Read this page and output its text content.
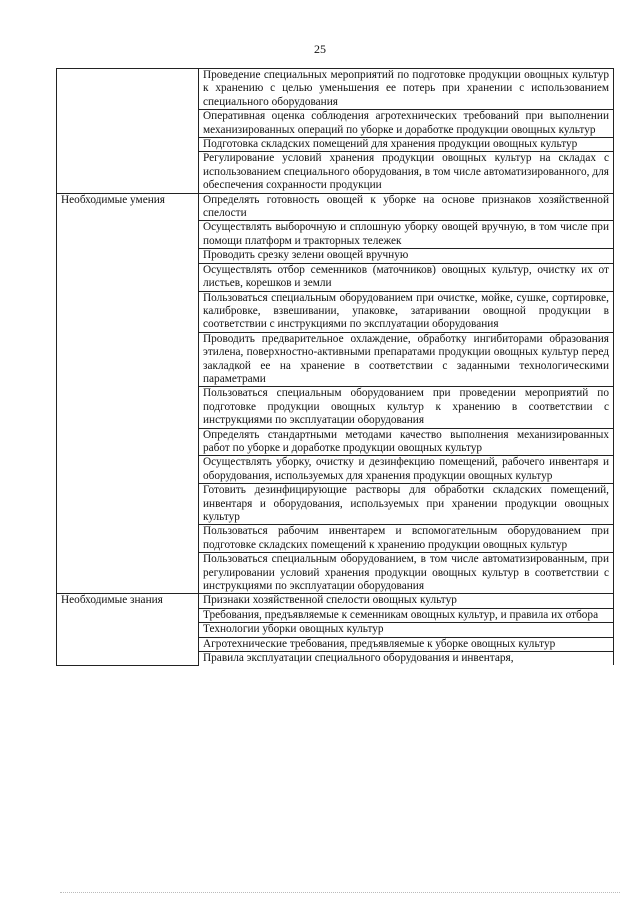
25
	Проведение специальных мероприятий по подготовке продукции овощных культур к хранению с целью уменьшения ее потерь при хранении с использованием специального оборудования
	Оперативная оценка соблюдения агротехнических требований при выполнении механизированных операций по уборке и доработке продукции овощных культур
	Подготовка складских помещений для хранения продукции овощных культур
	Регулирование условий хранения продукции овощных культур на складах с использованием специального оборудования, в том числе автоматизированного, для обеспечения сохранности продукции
Необходимые умения	Определять готовность овощей к уборке на основе признаков хозяйственной спелости
	Осуществлять выборочную и сплошную уборку овощей вручную, в том числе при помощи платформ и тракторных тележек
	Проводить срезку зелени овощей вручную
	Осуществлять отбор семенников (маточников) овощных культур, очистку их от листьев, корешков и земли
	Пользоваться специальным оборудованием при очистке, мойке, сушке, сортировке, калибровке, взвешивании, упаковке, затаривании овощной продукции в соответствии с инструкциями по эксплуатации оборудования
	Проводить предварительное охлаждение, обработку ингибиторами образования этилена, поверхностно-активными препаратами продукции овощных культур перед закладкой ее на хранение в соответствии с заданными технологическими параметрами
	Пользоваться специальным оборудованием при проведении мероприятий по подготовке продукции овощных культур к хранению в соответствии с инструкциями по эксплуатации оборудования
	Определять стандартными методами качество выполнения механизированных работ по уборке и доработке продукции овощных культур
	Осуществлять уборку, очистку и дезинфекцию помещений, рабочего инвентаря и оборудования, используемых для хранения продукции овощных культур
	Готовить дезинфицирующие растворы для обработки складских помещений, инвентаря и оборудования, используемых при хранении продукции овощных культур
	Пользоваться рабочим инвентарем и вспомогательным оборудованием при подготовке складских помещений к хранению продукции овощных культур
	Пользоваться специальным оборудованием, в том числе автоматизированным, при регулировании условий хранения продукции овощных культур в соответствии с инструкциями по эксплуатации оборудования
Необходимые знания	Признаки хозяйственной спелости овощных культур
	Требования, предъявляемые к семенникам овощных культур, и правила их отбора
	Технологии уборки овощных культур
	Агротехнические требования, предъявляемые к уборке овощных культур
	Правила эксплуатации специального оборудования и инвентаря,
